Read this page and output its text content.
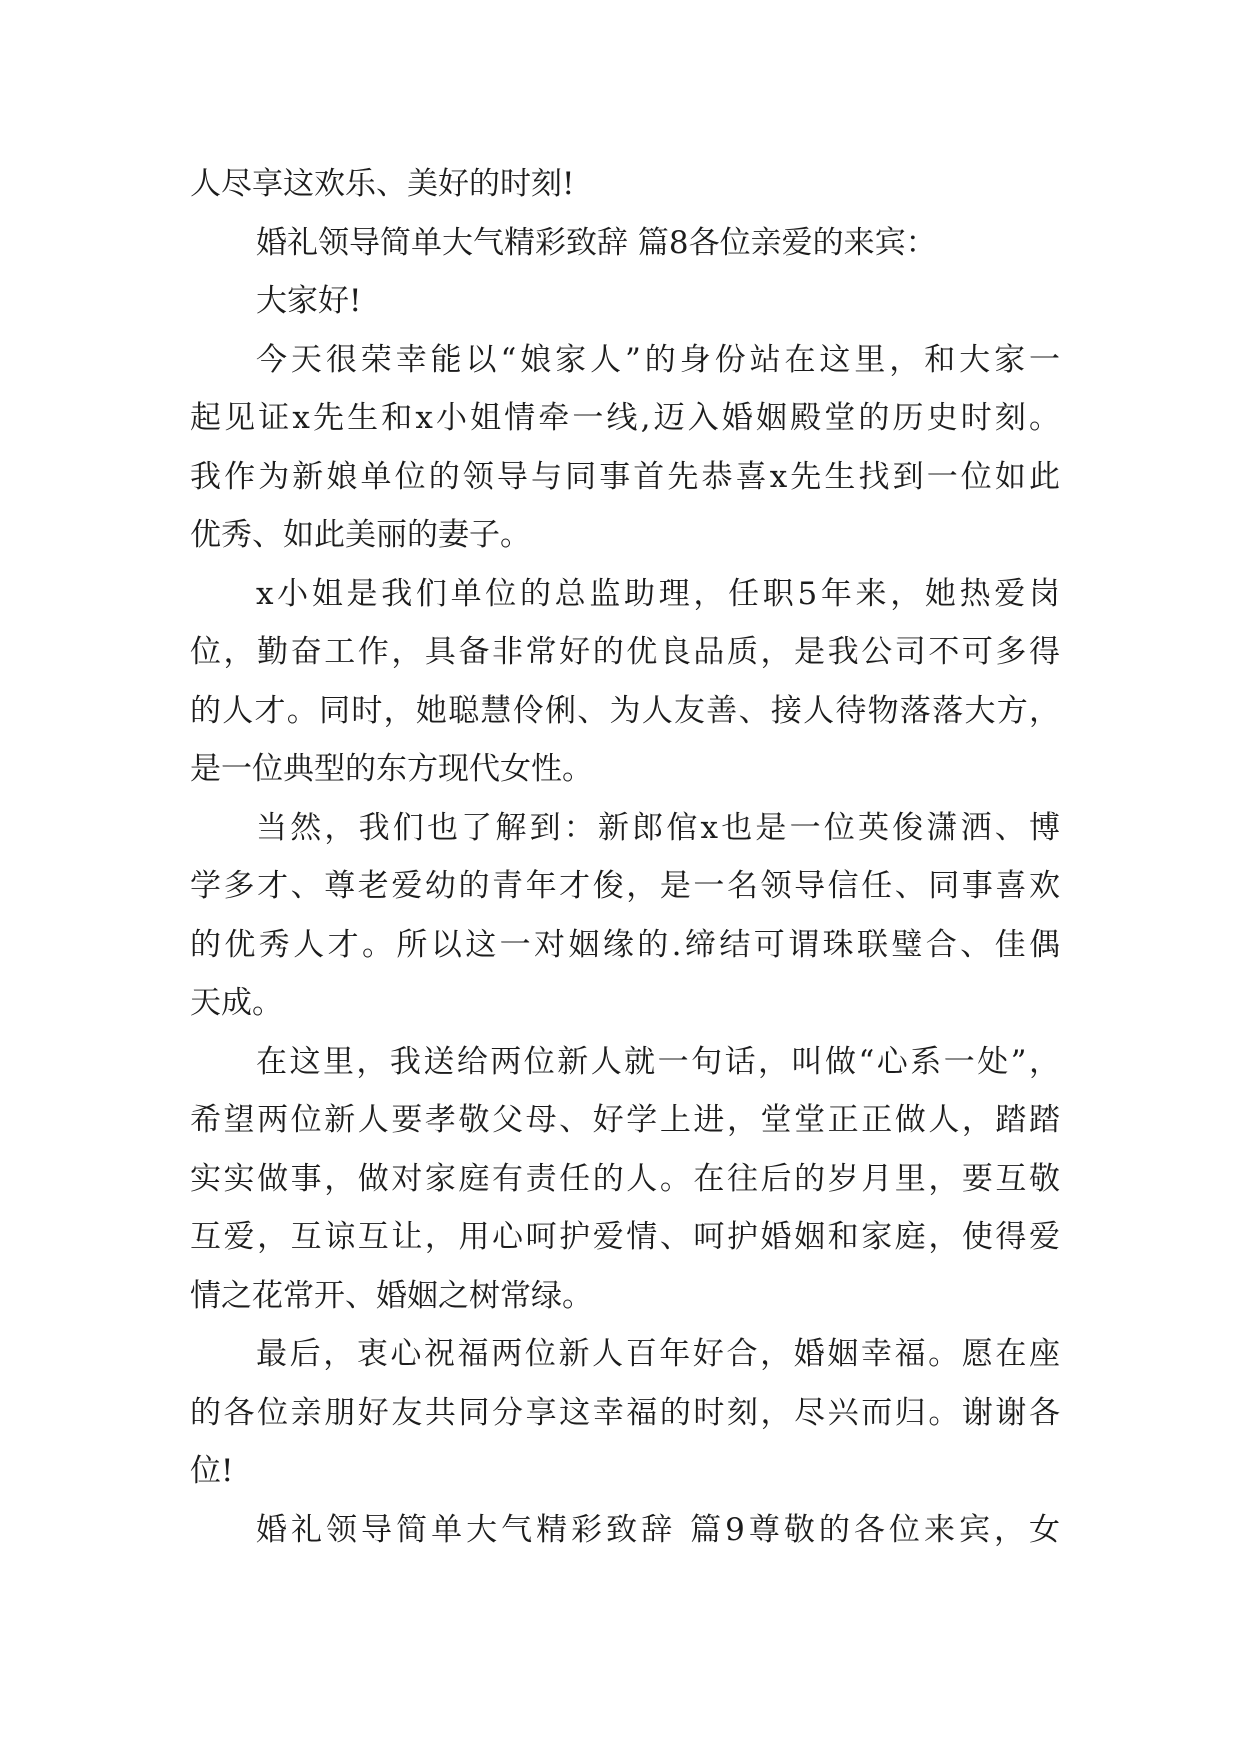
人尽享这欢乐、美好的时刻!
婚礼领导简单大气精彩致辞 篇8各位亲爱的来宾：
大家好!
今天很荣幸能以“娘家人”的身份站在这里，和大家一
起见证x先生和x小姐情牵一线,迈入婚姻殿堂的历史时刻。
我作为新娘单位的领导与同事首先恭喜x先生找到一位如此
优秀、如此美丽的妻子。
x小姐是我们单位的总监助理，任职5年来，她热爱岗
位，勤奋工作，具备非常好的优良品质，是我公司不可多得
的人才。同时，她聪慧伶俐、为人友善、接人待物落落大方，
是一位典型的东方现代女性。
当然，我们也了解到：新郎倌x也是一位英俊潇洒、博
学多才、尊老爱幼的青年才俊，是一名领导信任、同事喜欢
的优秀人才。所以这一对姻缘的.缔结可谓珠联璧合、佳偶
天成。
在这里，我送给两位新人就一句话，叫做“心系一处”，
希望两位新人要孝敬父母、好学上进，堂堂正正做人，踏踏
实实做事，做对家庭有责任的人。在往后的岁月里，要互敬
互爱，互谅互让，用心呵护爱情、呵护婚姻和家庭，使得爱
情之花常开、婚姻之树常绿。
最后，衷心祝福两位新人百年好合，婚姻幸福。愿在座
的各位亲朋好友共同分享这幸福的时刻，尽兴而归。谢谢各
位!
婚礼领导简单大气精彩致辞 篇9尊敬的各位来宾，女
